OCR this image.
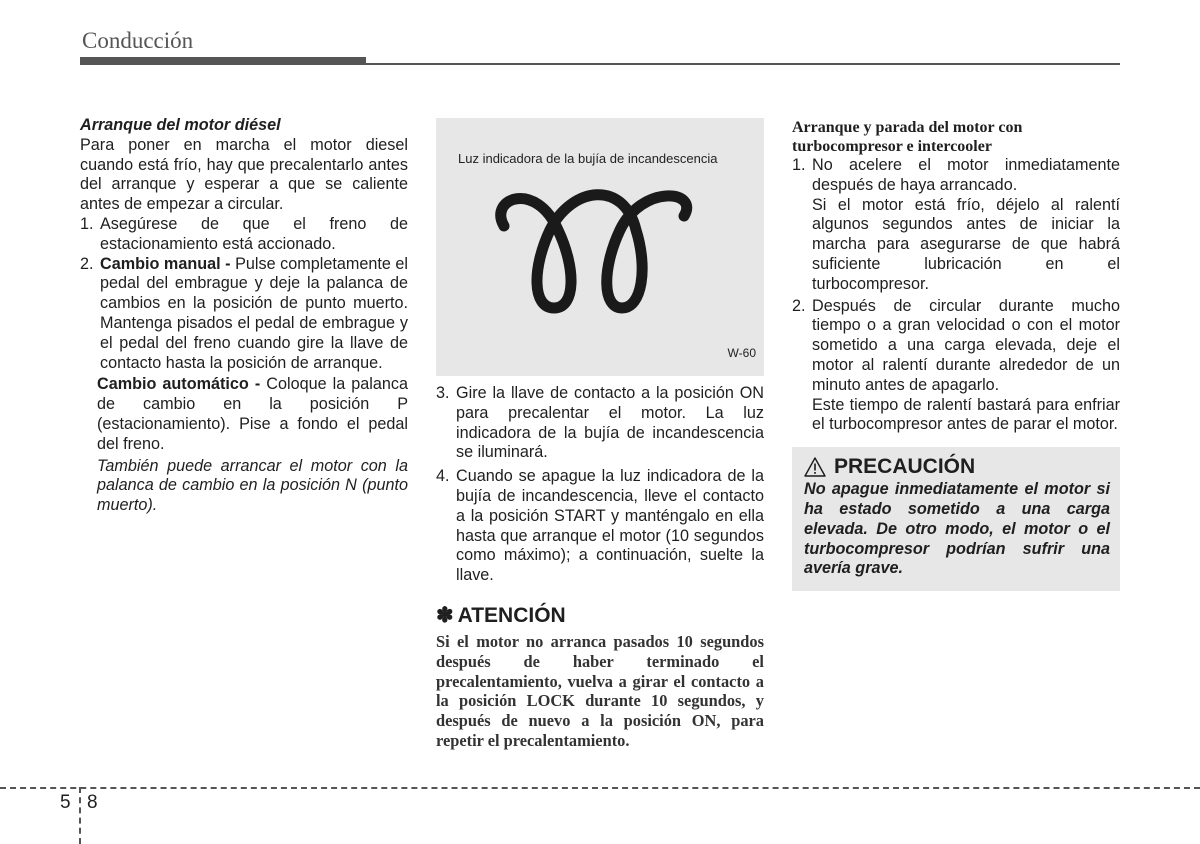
Conducción
Arranque del motor diésel

Para poner en marcha el motor diesel cuando está frío, hay que precalentarlo antes del arranque y esperar a que se caliente antes de empezar a circular.

1. Asegúrese de que el freno de estacionamiento está accionado.
2. Cambio manual - Pulse completamente el pedal del embrague y deje la palanca de cambios en la posición de punto muerto. Mantenga pisados el pedal de embrague y el pedal del freno cuando gire la llave de contacto hasta la posición de arranque.

Cambio automático - Coloque la palanca de cambio en la posición P (estacionamiento). Pise a fondo el pedal del freno.

También puede arrancar el motor con la palanca de cambio en la posición N (punto muerto).

Luz indicadora de la bujía de incandescencia
W-60
3. Gire la llave de contacto a la posición ON para precalentar el motor. La luz indicadora de la bujía de incandescencia se iluminará.
4. Cuando se apague la luz indicadora de la bujía de incandescencia, lleve el contacto a la posición START y manténgalo en ella hasta que arranque el motor (10 segundos como máximo); a continuación, suelte la llave.
✽ ATENCIÓN
Si el motor no arranca pasados 10 segundos después de haber terminado el precalentamiento, vuelva a girar el contacto a la posición LOCK durante 10 segundos, y después de nuevo a la posición ON, para repetir el precalentamiento.
Arranque y parada del motor con turbocompresor e intercooler
1. No acelere el motor inmediatamente después de haya arrancado.

Si el motor está frío, déjelo al ralentí algunos segundos antes de iniciar la marcha para asegurarse de que habrá suficiente lubricación en el turbocompresor.

2. Después de circular durante mucho tiempo o a gran velocidad o con el motor sometido a una carga elevada, deje el motor al ralentí durante alrededor de un minuto antes de apagarlo.

Este tiempo de ralentí bastará para enfriar el turbocompresor antes de parar el motor.

PRECAUCIÓN
No apague inmediatamente el motor si ha estado sometido a una carga elevada. De otro modo, el motor o el turbocompresor podrían sufrir una avería grave.
5 8
